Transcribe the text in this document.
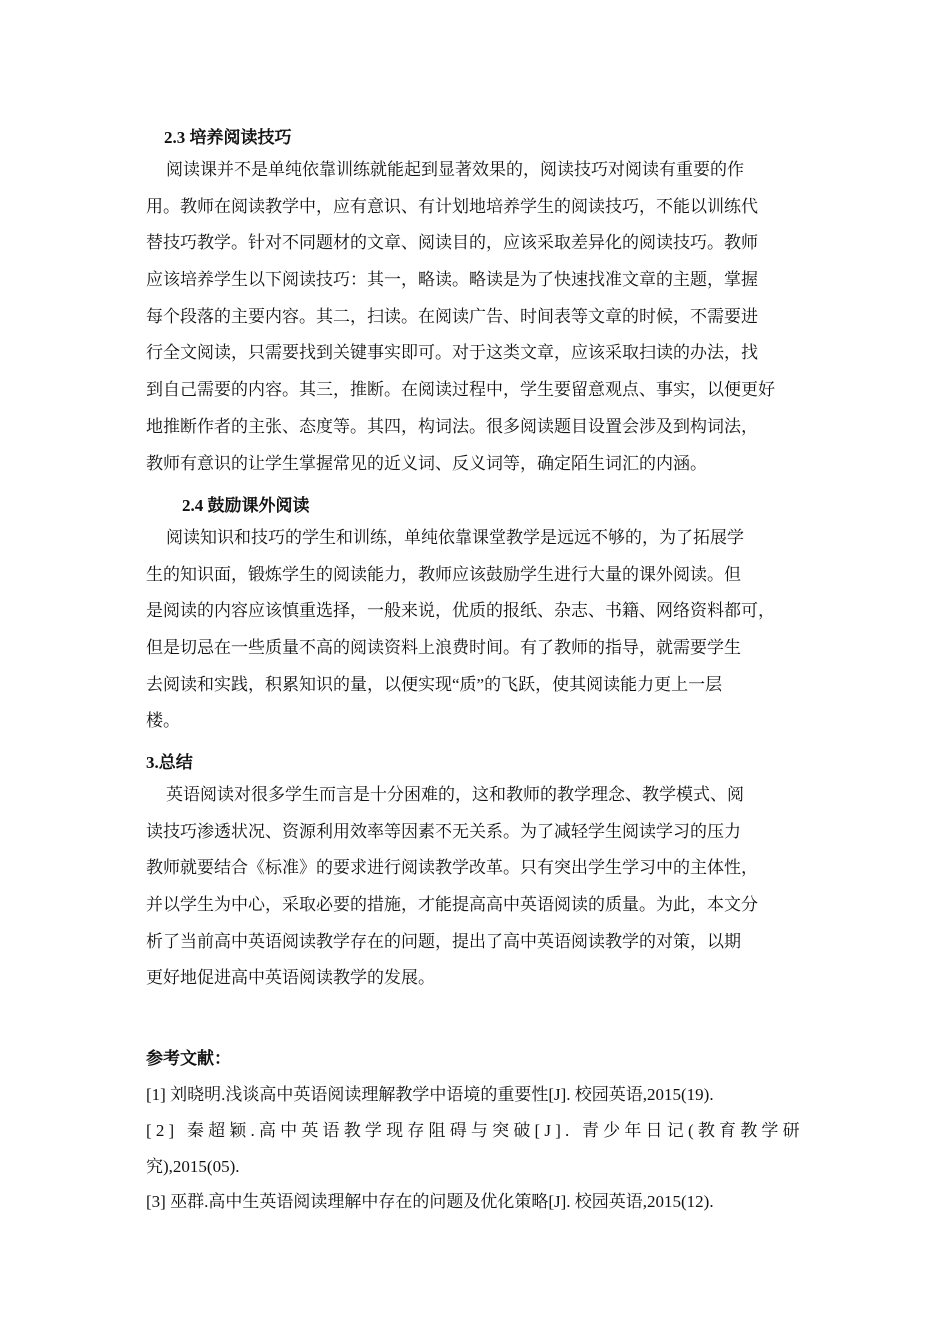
2.3 培养阅读技巧
阅读课并不是单纯依靠训练就能起到显著效果的，阅读技巧对阅读有重要的作
用。教师在阅读教学中，应有意识、有计划地培养学生的阅读技巧，不能以训练代
替技巧教学。针对不同题材的文章、阅读目的，应该采取差异化的阅读技巧。教师
应该培养学生以下阅读技巧：其一，略读。略读是为了快速找准文章的主题，掌握
每个段落的主要内容。其二，扫读。在阅读广告、时间表等文章的时候，不需要进
行全文阅读，只需要找到关键事实即可。对于这类文章，应该采取扫读的办法，找
到自己需要的内容。其三，推断。在阅读过程中，学生要留意观点、事实，以便更好
地推断作者的主张、态度等。其四，构词法。很多阅读题目设置会涉及到构词法，
教师有意识的让学生掌握常见的近义词、反义词等，确定陌生词汇的内涵。
2.4 鼓励课外阅读
阅读知识和技巧的学生和训练，单纯依靠课堂教学是远远不够的，为了拓展学
生的知识面，锻炼学生的阅读能力，教师应该鼓励学生进行大量的课外阅读。但
是阅读的内容应该慎重选择，一般来说，优质的报纸、杂志、书籍、网络资料都可，
但是切忌在一些质量不高的阅读资料上浪费时间。有了教师的指导，就需要学生
去阅读和实践，积累知识的量，以便实现“质”的飞跃，使其阅读能力更上一层
楼。
3.总结
英语阅读对很多学生而言是十分困难的，这和教师的教学理念、教学模式、阅
读技巧渗透状况、资源利用效率等因素不无关系。为了减轻学生阅读学习的压力
教师就要结合《标准》的要求进行阅读教学改革。只有突出学生学习中的主体性，
并以学生为中心，采取必要的措施，才能提高高中英语阅读的质量。为此，本文分
析了当前高中英语阅读教学存在的问题，提出了高中英语阅读教学的对策，以期
更好地促进高中英语阅读教学的发展。
参考文献：
[1] 刘晓明.浅谈高中英语阅读理解教学中语境的重要性[J]. 校园英语,2015(19).
[2] 秦超颖.高中英语教学现存阻碍与突破[J]. 青少年日记(教育教学研
究),2015(05).
[3] 巫群.高中生英语阅读理解中存在的问题及优化策略[J]. 校园英语,2015(12).
